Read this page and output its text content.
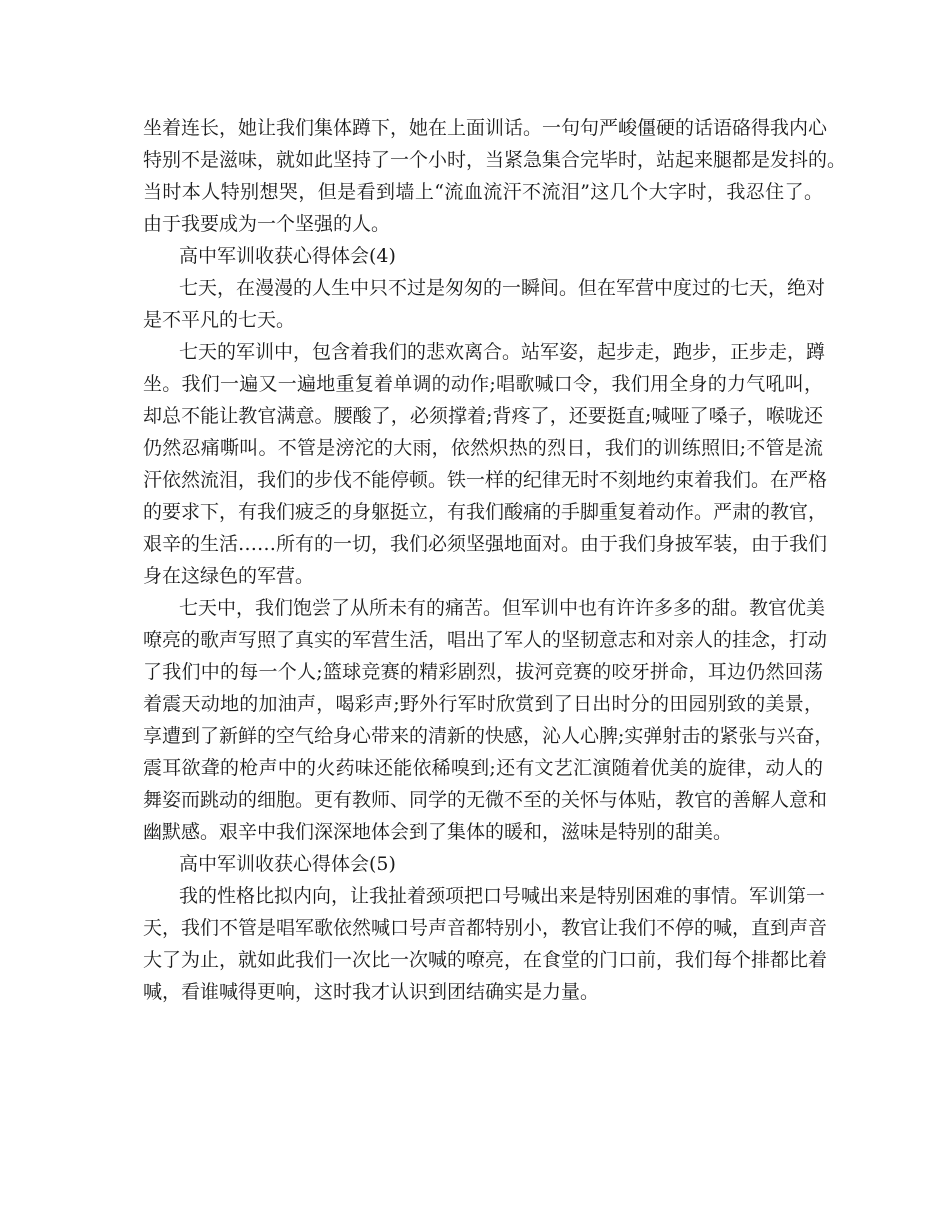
坐着连长，她让我们集体蹲下，她在上面训话。一句句严峻僵硬的话语硌得我内心
特别不是滋味，就如此坚持了一个小时，当紧急集合完毕时，站起来腿都是发抖的。
当时本人特别想哭，但是看到墙上“流血流汗不流泪”这几个大字时，我忍住了。
由于我要成为一个坚强的人。
高中军训收获心得体会(4)
七天，在漫漫的人生中只不过是匆匆的一瞬间。但在军营中度过的七天，绝对
是不平凡的七天。
七天的军训中，包含着我们的悲欢离合。站军姿，起步走，跑步，正步走，蹲
坐。我们一遍又一遍地重复着单调的动作;唱歌喊口令，我们用全身的力气吼叫，
却总不能让教官满意。腰酸了，必须撑着;背疼了，还要挺直;喊哑了嗓子，喉咙还
仍然忍痛嘶叫。不管是滂沱的大雨，依然炽热的烈日，我们的训练照旧;不管是流
汗依然流泪，我们的步伐不能停顿。铁一样的纪律无时不刻地约束着我们。在严格
的要求下，有我们疲乏的身躯挺立，有我们酸痛的手脚重复着动作。严肃的教官，
艰辛的生活……所有的一切，我们必须坚强地面对。由于我们身披军装，由于我们
身在这绿色的军营。
七天中，我们饱尝了从所未有的痛苦。但军训中也有许许多多的甜。教官优美
嘹亮的歌声写照了真实的军营生活，唱出了军人的坚韧意志和对亲人的挂念，打动
了我们中的每一个人;篮球竞赛的精彩剧烈，拔河竞赛的咬牙拼命，耳边仍然回荡
着震天动地的加油声，喝彩声;野外行军时欣赏到了日出时分的田园别致的美景，
享遭到了新鲜的空气给身心带来的清新的快感，沁人心脾;实弹射击的紧张与兴奋，
震耳欲聋的枪声中的火药味还能依稀嗅到;还有文艺汇演随着优美的旋律，动人的
舞姿而跳动的细胞。更有教师、同学的无微不至的关怀与体贴，教官的善解人意和
幽默感。艰辛中我们深深地体会到了集体的暖和，滋味是特别的甜美。
高中军训收获心得体会(5)
我的性格比拟内向，让我扯着颈项把口号喊出来是特别困难的事情。军训第一
天，我们不管是唱军歌依然喊口号声音都特别小，教官让我们不停的喊，直到声音
大了为止，就如此我们一次比一次喊的嘹亮，在食堂的门口前，我们每个排都比着
喊，看谁喊得更响，这时我才认识到团结确实是力量。
